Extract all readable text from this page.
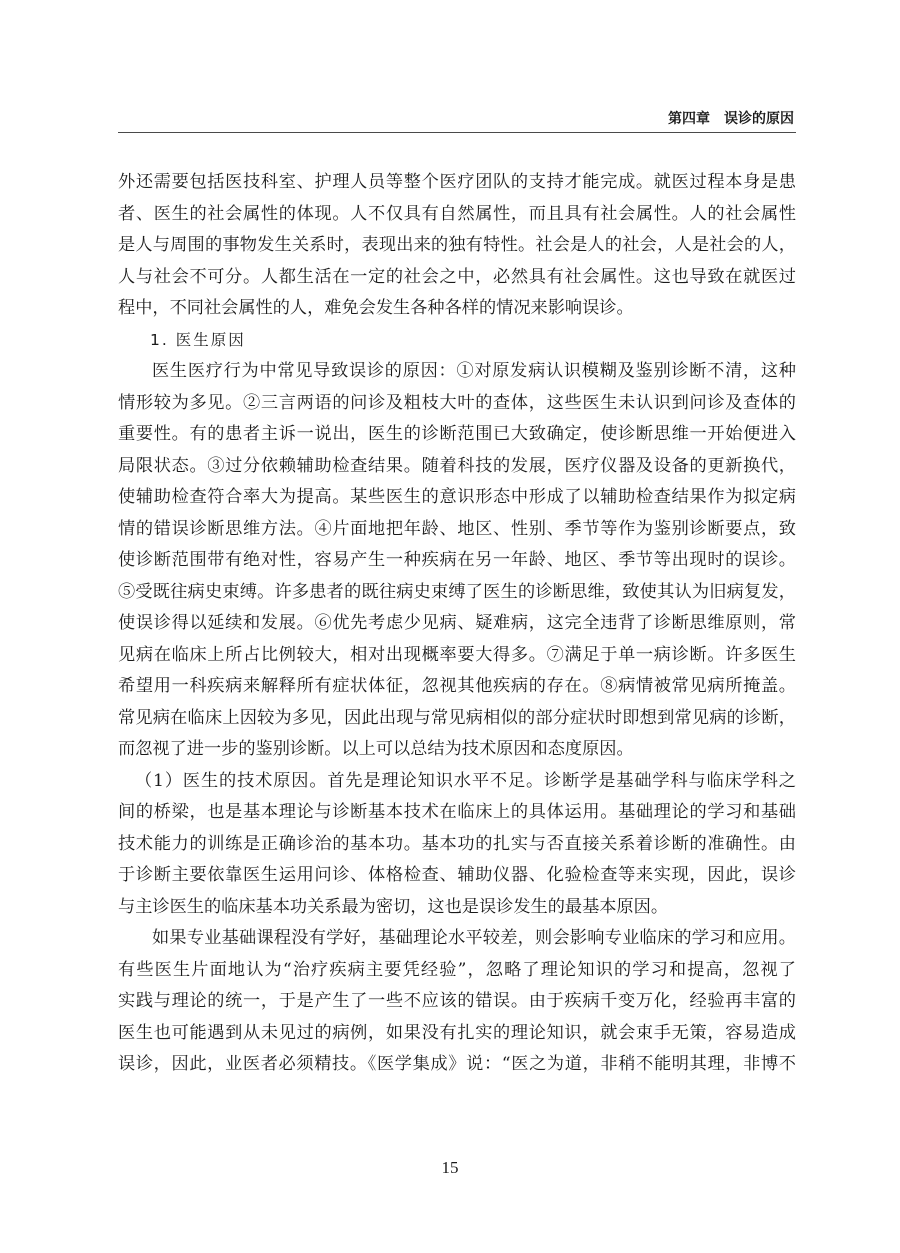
第四章　误诊的原因
外还需要包括医技科室、护理人员等整个医疗团队的支持才能完成。就医过程本身是患
者、医生的社会属性的体现。人不仅具有自然属性，而且具有社会属性。人的社会属性
是人与周围的事物发生关系时，表现出来的独有特性。社会是人的社会，人是社会的人，
人与社会不可分。人都生活在一定的社会之中，必然具有社会属性。这也导致在就医过
程中，不同社会属性的人，难免会发生各种各样的情况来影响误诊。
1. 医生原因
医生医疗行为中常见导致误诊的原因：①对原发病认识模糊及鉴别诊断不清，这种
情形较为多见。②三言两语的问诊及粗枝大叶的查体，这些医生未认识到问诊及查体的
重要性。有的患者主诉一说出，医生的诊断范围已大致确定，使诊断思维一开始便进入
局限状态。③过分依赖辅助检查结果。随着科技的发展，医疗仪器及设备的更新换代，
使辅助检查符合率大为提高。某些医生的意识形态中形成了以辅助检查结果作为拟定病
情的错误诊断思维方法。④片面地把年龄、地区、性别、季节等作为鉴别诊断要点，致
使诊断范围带有绝对性，容易产生一种疾病在另一年龄、地区、季节等出现时的误诊。
⑤受既往病史束缚。许多患者的既往病史束缚了医生的诊断思维，致使其认为旧病复发，
使误诊得以延续和发展。⑥优先考虑少见病、疑难病，这完全违背了诊断思维原则，常
见病在临床上所占比例较大，相对出现概率要大得多。⑦满足于单一病诊断。许多医生
希望用一科疾病来解释所有症状体征，忽视其他疾病的存在。⑧病情被常见病所掩盖。
常见病在临床上因较为多见，因此出现与常见病相似的部分症状时即想到常见病的诊断，
而忽视了进一步的鉴别诊断。以上可以总结为技术原因和态度原因。
（1）医生的技术原因。首先是理论知识水平不足。诊断学是基础学科与临床学科之
间的桥梁，也是基本理论与诊断基本技术在临床上的具体运用。基础理论的学习和基础
技术能力的训练是正确诊治的基本功。基本功的扎实与否直接关系着诊断的准确性。由
于诊断主要依靠医生运用问诊、体格检查、辅助仪器、化验检查等来实现，因此，误诊
与主诊医生的临床基本功关系最为密切，这也是误诊发生的最基本原因。
如果专业基础课程没有学好，基础理论水平较差，则会影响专业临床的学习和应用。
有些医生片面地认为“治疗疾病主要凭经验”，忽略了理论知识的学习和提高，忽视了
实践与理论的统一，于是产生了一些不应该的错误。由于疾病千变万化，经验再丰富的
医生也可能遇到从未见过的病例，如果没有扎实的理论知识，就会束手无策，容易造成
误诊，因此，业医者必须精技。《医学集成》说：“医之为道，非稍不能明其理，非博不
15
